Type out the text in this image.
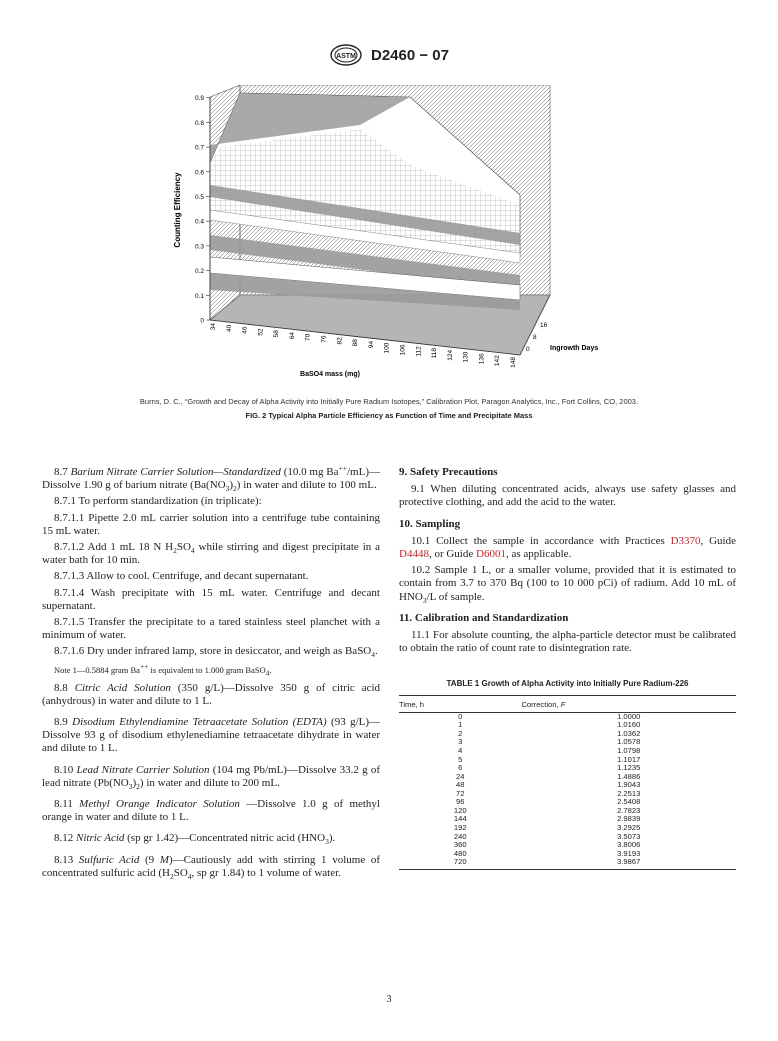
ASTM D2460 − 07
0
0.1
0.2
0.3
0.4
0.5
0.6
0.7
0.8
0.9
Counting Efficiency
34 40 46 52 58 64 70 76 82 88 94 100 106 112 118 124 130 136 142 148
BaSO4 mass (mg)
0
8
16
Ingrowth Days
Burns, D. C., “Growth and Decay of Alpha Activity into Initially Pure Radium Isotopes,” Calibration Plot, Paragon Analytics, Inc., Fort Collins, CO, 2003.
FIG. 2 Typical Alpha Particle Efficiency as Function of Time and Precipitate Mass

8.7 Barium Nitrate Carrier Solution—Standardized (10.0 mg Ba++/mL)—Dissolve 1.90 g of barium nitrate $(Ba(NO_3)_2)$ in water and dilute to 100 mL.

8.7.1 To perform standardization (in triplicate):

8.7.1.1 Pipette 2.0 mL carrier solution into a centrifuge tube containing 15 mL water.

8.7.1.2 Add 1 mL 18 N $H_2SO_4$ while stirring and digest precipitate in a water bath for 10 min.

8.7.1.3 Allow to cool. Centrifuge, and decant supernatant.

8.7.1.4 Wash precipitate with 15 mL water. Centrifuge and decant supernatant.

8.7.1.5 Transfer the precipitate to a tared stainless steel planchet with a minimum of water.

8.7.1.6 Dry under infrared lamp, store in desiccator, and weigh as BaSO$_4$.

Note 1—0.5884 gram Ba++ is equivalent to 1.000 gram BaSO$_4$.

8.8 Citric Acid Solution (350 g/L)—Dissolve 350 g of citric acid (anhydrous) in water and dilute to 1 L.

8.9 Disodium Ethylendiamine Tetraacetate Solution (EDTA) (93 g/L)—Dissolve 93 g of disodium ethylenediamine tetraacetate dihydrate in water and dilute to 1 L.

8.10 Lead Nitrate Carrier Solution (104 mg Pb/mL)—Dissolve 33.2 g of lead nitrate $(Pb(NO_3)_2)$ in water and dilute to 200 mL.

8.11 Methyl Orange Indicator Solution —Dissolve 1.0 g of methyl orange in water and dilute to 1 L.

8.12 Nitric Acid (sp gr 1.42)—Concentrated nitric acid $(HNO_3)$.

8.13 Sulfuric Acid (9 M)—Cautiously add with stirring 1 volume of concentrated sulfuric acid ($H_2SO_4$, sp gr 1.84) to 1 volume of water.

9. Safety Precautions

9.1 When diluting concentrated acids, always use safety glasses and protective clothing, and add the acid to the water.

10. Sampling

10.1 Collect the sample in accordance with Practices D3370, Guide D4448, or Guide D6001, as applicable.

10.2 Sample 1 L, or a smaller volume, provided that it is estimated to contain from 3.7 to 370 Bq (100 to 10 000 pCi) of radium. Add 10 mL of $HNO_3/L$ of sample.

11. Calibration and Standardization

11.1 For absolute counting, the alpha-particle detector must be calibrated to obtain the ratio of count rate to disintegration rate.

TABLE 1 Growth of Alpha Activity into Initially Pure Radium-226
Time, h	Correction, F
0	1.0000
1	1.0160
2	1.0362
3	1.0578
4	1.0798
5	1.1017
6	1.1235
24	1.4886
48	1.9043
72	2.2513
96	2.5408
120	2.7823
144	2.9839
192	3.2925
240	3.5073
360	3.8006
480	3.9193
720	3.9867
3
